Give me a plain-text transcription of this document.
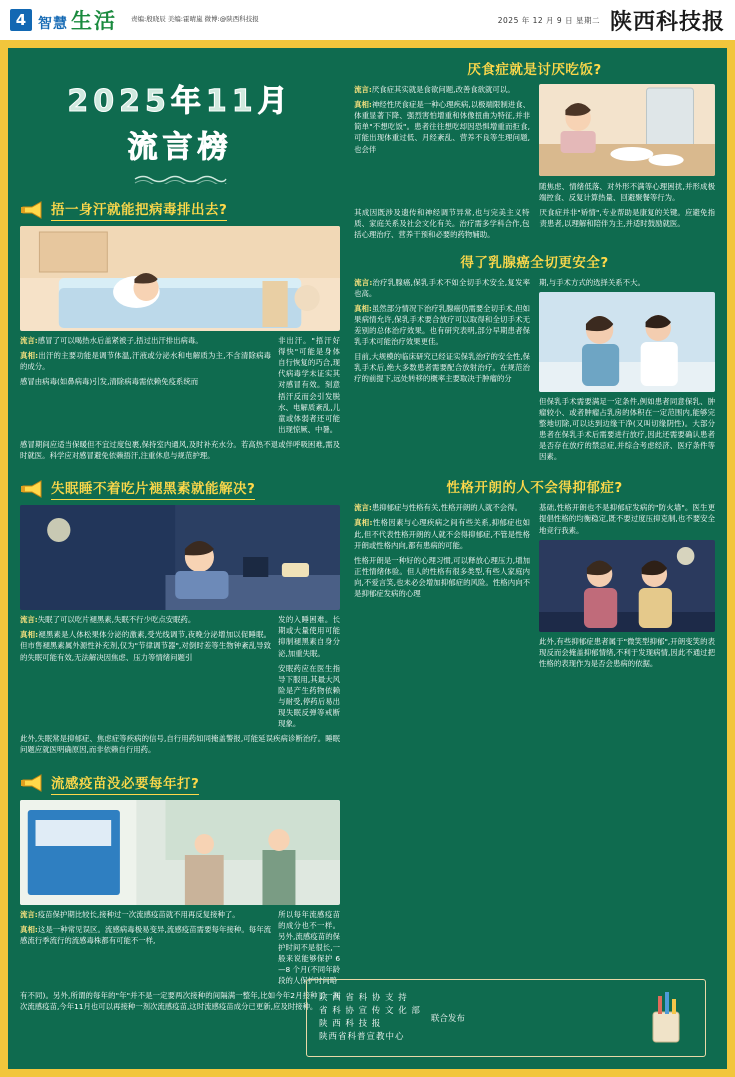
4 智慧 生活 责编:殷晓辰 美编:霍晴嵐 微博:@陕西科技报	2025 年 12 月 9 日 星期二 陕西科技报
2025年11月
流言榜
捂一身汗就能把病毒排出去?

流言:感冒了可以喝热水后盖紧被子,捂过出汗排出病毒。

真相:出汗的主要功能是调节体温,汗液或分泌水和电解质为主,不含清除病毒的成分。

感冒由病毒(如鼻病毒)引发,清除病毒需依赖免疫系统而

非出汗。"捂汗好得快"可能是身体自行恢复的巧合,现代病毒学未证实其对感冒有效。刻意捂汗反而会引发脱水、电解质紊乱,儿童或体弱者还可能出现惊厥、中暑。

感冒期间应适当保暖但不宜过度包裹,保持室内通风,及时补充水分。若高热不退或伴呼吸困难,需及时就医。科学应对感冒避免依赖捂汗,注重休息与规范护理。

失眠睡不着吃片褪黑素就能解决?

流言:失眠了可以吃片褪黑素,失眠不行少吃点安眠药。

真相:褪黑素是人体松果体分泌的激素,受光线调节,夜晚分泌增加以促睡眠。但市售褪黑素属外源性补充剂,仅为"节律调节器",对倒时差等生物钟紊乱导致的失眠可能有效,无法解决因焦虑、压力等情绪问题引

发的入睡困难。长期或大量使用可能抑制褪黑素自身分泌,加重失眠。

安眠药应在医生指导下服用,其最大风险是产生药物依赖与耐受,停药后易出现失眠反弹等戒断现象。

此外,失眠常是抑郁症、焦虑症等疾病的信号,自行用药如同掩盖警报,可能延误疾病诊断治疗。睡眠问题应就医明确原因,而非依赖自行用药。

流感疫苗没必要每年打?

流言:疫苗保护期比较长,接种过一次流感疫苗就不用再反复接种了。

真相:这是一种常见误区。流感病毒极易变异,流感疫苗需要每年接种。每年流感流行季流行的流感毒株都有可能不一样,

所以每年流感疫苗的成分也不一样。另外,流感疫苗的保护时间不是很长,一般来说能够保护 6—8 个月(不同年龄段的人保护时间略

有不同)。另外,所谓的每年的"年"并不是一定要两次接种的间隔满一整年,比如今年2月接种了一剂次流感疫苗,今年11月也可以再接种一剂次流感疫苗,这时流感疫苗成分已更新,应及时接种。

厌食症就是讨厌吃饭?

流言:厌食症其实就是食欲问题,改善食欲就可以。

真相:神经性厌食症是一种心理疾病,以极端限制进食、体重显著下降、强烈害怕增重和体像扭曲为特征,并非简单"不想吃饭"。患者往往想吃却因恐惧增重而拒食,可能出现体重过低、月经紊乱、营养不良等生理问题,也会伴

随焦虑、情绪低落、对外形不满等心理困扰,并形成极端控食、反复计算热量、回避聚餐等行为。

其成因既涉及遗传和神经调节异常,也与完美主义特质、家庭关系及社会文化有关。治疗需多学科合作,包括心理治疗、营养干预和必要的药物辅助。

厌食症并非"矫情",专业帮助是康复的关键。应避免指责患者,以理解和陪伴为主,并适时鼓励就医。

得了乳腺癌全切更安全?

流言:治疗乳腺癌,保乳手术不如全切手术安全,复发率也高。

真相:虽然部分情况下治疗乳腺癌仍需要全切手术,但如果病情允许,保乳手术要合放疗可以取得和全切手术无差别的总体治疗效果。也有研究表明,部分早期患者保乳手术可能治疗效果更佳。

目前,大规模的临床研究已经证实保乳治疗的安全性,保乳手术后,绝大多数患者需要配合放射治疗。在规范治疗的前提下,远处转移的概率主要取决于肿瘤的分

期,与手术方式的选择关系不大。

但保乳手术需要满足一定条件,例如患者同意保乳、肿瘤较小、或者肿瘤占乳房的体积在一定范围内,能够完整地切除,可以达到边缘干净(又叫切缘阴性)。大部分患者在保乳手术后需要进行放疗,因此还需要确认患者是否存在放疗的禁忌症,并综合考虑经济、医疗条件等因素。

性格开朗的人不会得抑郁症?

流言:患抑郁症与性格有关,性格开朗的人就不会得。

真相:性格因素与心理疾病之间有些关系,抑郁症也如此,但不代表性格开朗的人就不会得抑郁症,不管是性格开朗或性格内向,都有患病的可能。

性格开朗是一种好的心理习惯,可以释放心理压力,增加正性情绪体验。但人的性格有很多类型,有些人家庭内向,不爱言笑,也未必会增加抑郁症的风险。性格内向不是抑郁症发病的心理

基础,性格开朗也不是抑郁症发病的"防火墙"。医生更提倡性格的均衡稳定,既不要过度压抑克制,也不要安全地竞行我素。

此外,有些抑郁症患者属于"微笑型抑郁",开朗变笑的表现反而会掩盖抑郁情绪,不利于发现病情,因此不通过把性格的表现作为是否会患病的依据。

陕 西 省 科 协 支 持
省 科 协 宣 传 文 化 部
陕 西 科 技 报
陕西省科普宣教中心
联合发布
